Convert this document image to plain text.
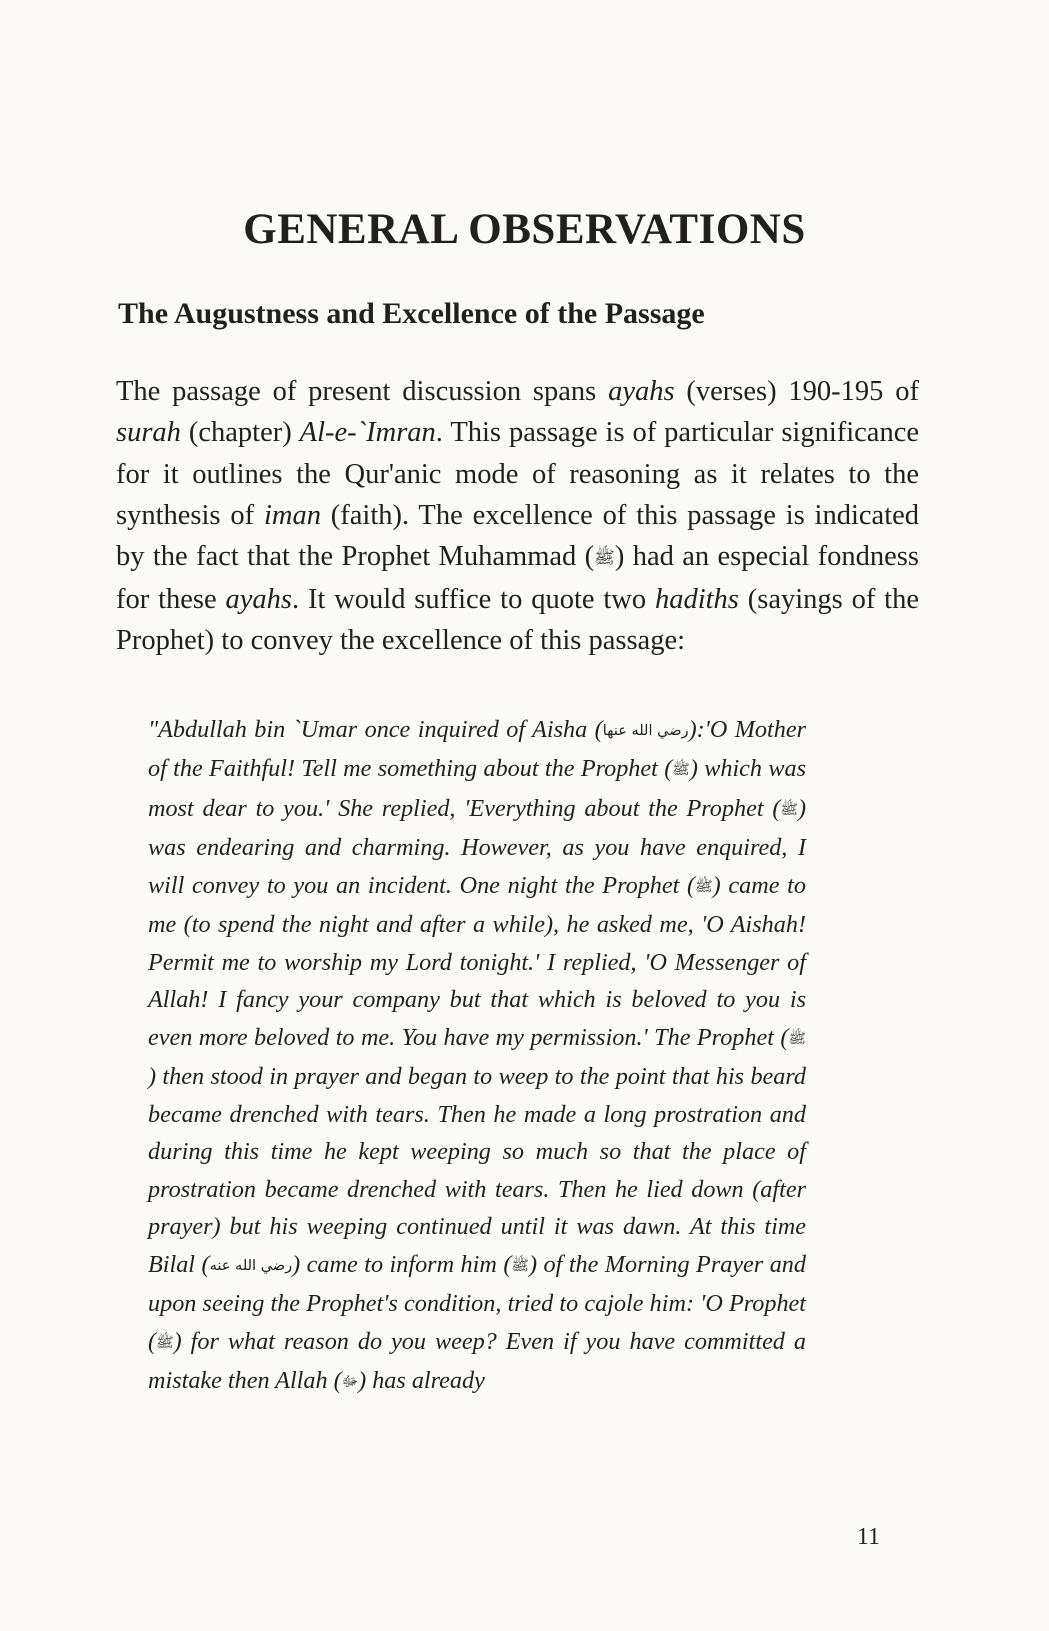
GENERAL OBSERVATIONS
The Augustness and Excellence of the Passage

The passage of present discussion spans ayahs (verses) 190-195 of surah (chapter) Al-e-`Imran. This passage is of particular significance for it outlines the Qur'anic mode of reasoning as it relates to the synthesis of iman (faith). The excellence of this passage is indicated by the fact that the Prophet Muhammad (ﷺ) had an especial fondness for these ayahs. It would suffice to quote two hadiths (sayings of the Prophet) to convey the excellence of this passage:

"Abdullah bin `Umar once inquired of Aisha (رضي الله عنها):'O Mother of the Faithful! Tell me something about the Prophet (ﷺ) which was most dear to you.' She replied, 'Everything about the Prophet (ﷺ) was endearing and charming. However, as you have enquired, I will convey to you an incident. One night the Prophet (ﷺ) came to me (to spend the night and after a while), he asked me, 'O Aishah! Permit me to worship my Lord tonight.' I replied, 'O Messenger of Allah! I fancy your company but that which is beloved to you is even more beloved to me. You have my permission.' The Prophet (ﷺ) then stood in prayer and began to weep to the point that his beard became drenched with tears. Then he made a long prostration and during this time he kept weeping so much so that the place of prostration became drenched with tears. Then he lied down (after prayer) but his weeping continued until it was dawn. At this time Bilal (رضي الله عنه) came to inform him (ﷺ) of the Morning Prayer and upon seeing the Prophet's condition, tried to cajole him: 'O Prophet (ﷺ) for what reason do you weep? Even if you have committed a mistake then Allah (ﷻ) has already

11
